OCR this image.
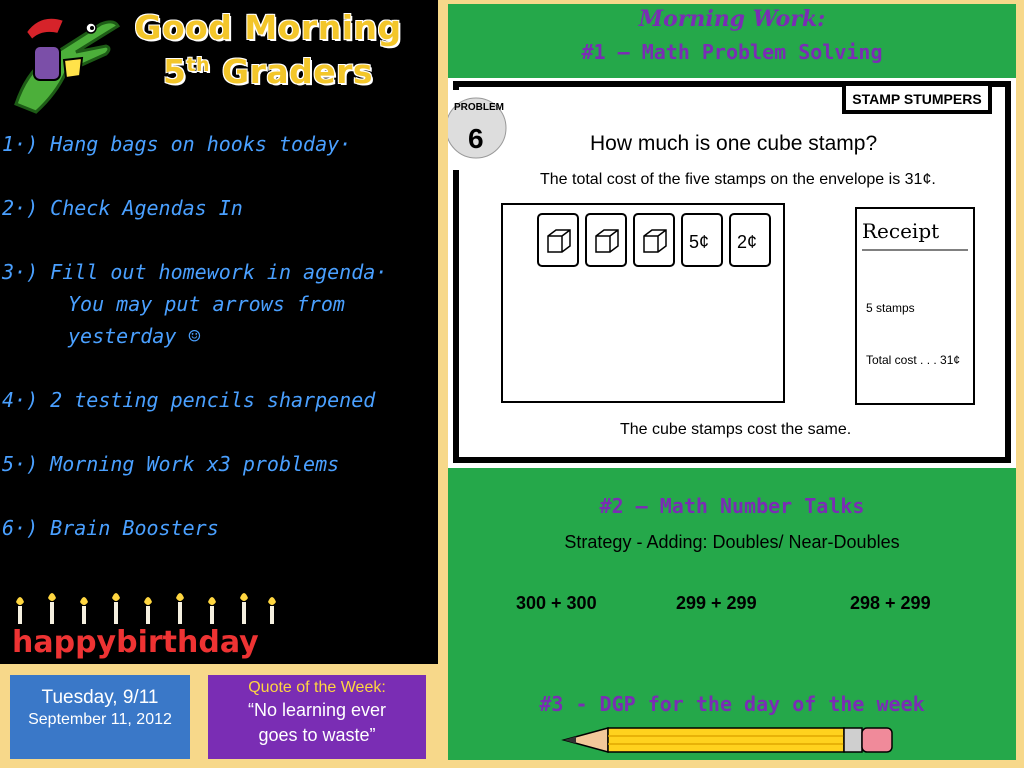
Good Morning
5th Graders
1·) Hang bags on hooks today·
2·) Check Agendas In
3·) Fill out homework in agenda·
You may put arrows from
yesterday ☺
4·) 2 testing pencils sharpened
5·) Morning Work x3 problems
6·) Brain Boosters
happybirthday
Tuesday, 9/11
September 11, 2012
Quote of the Week:
“No learning ever
goes to waste”
Morning Work:
#1 – Math Problem Solving
PROBLEM
6
STAMP STUMPERS
How much is one cube stamp?
The total cost of the five stamps on the envelope is 31¢.
5¢ 2¢	Receipt
5 stamps
Total cost . . . 31¢
The cube stamps cost the same.
#2 – Math Number Talks
Strategy - Adding: Doubles/ Near-Doubles
300 + 300	299 + 299	298 + 299
#3 - DGP for the day of the week
